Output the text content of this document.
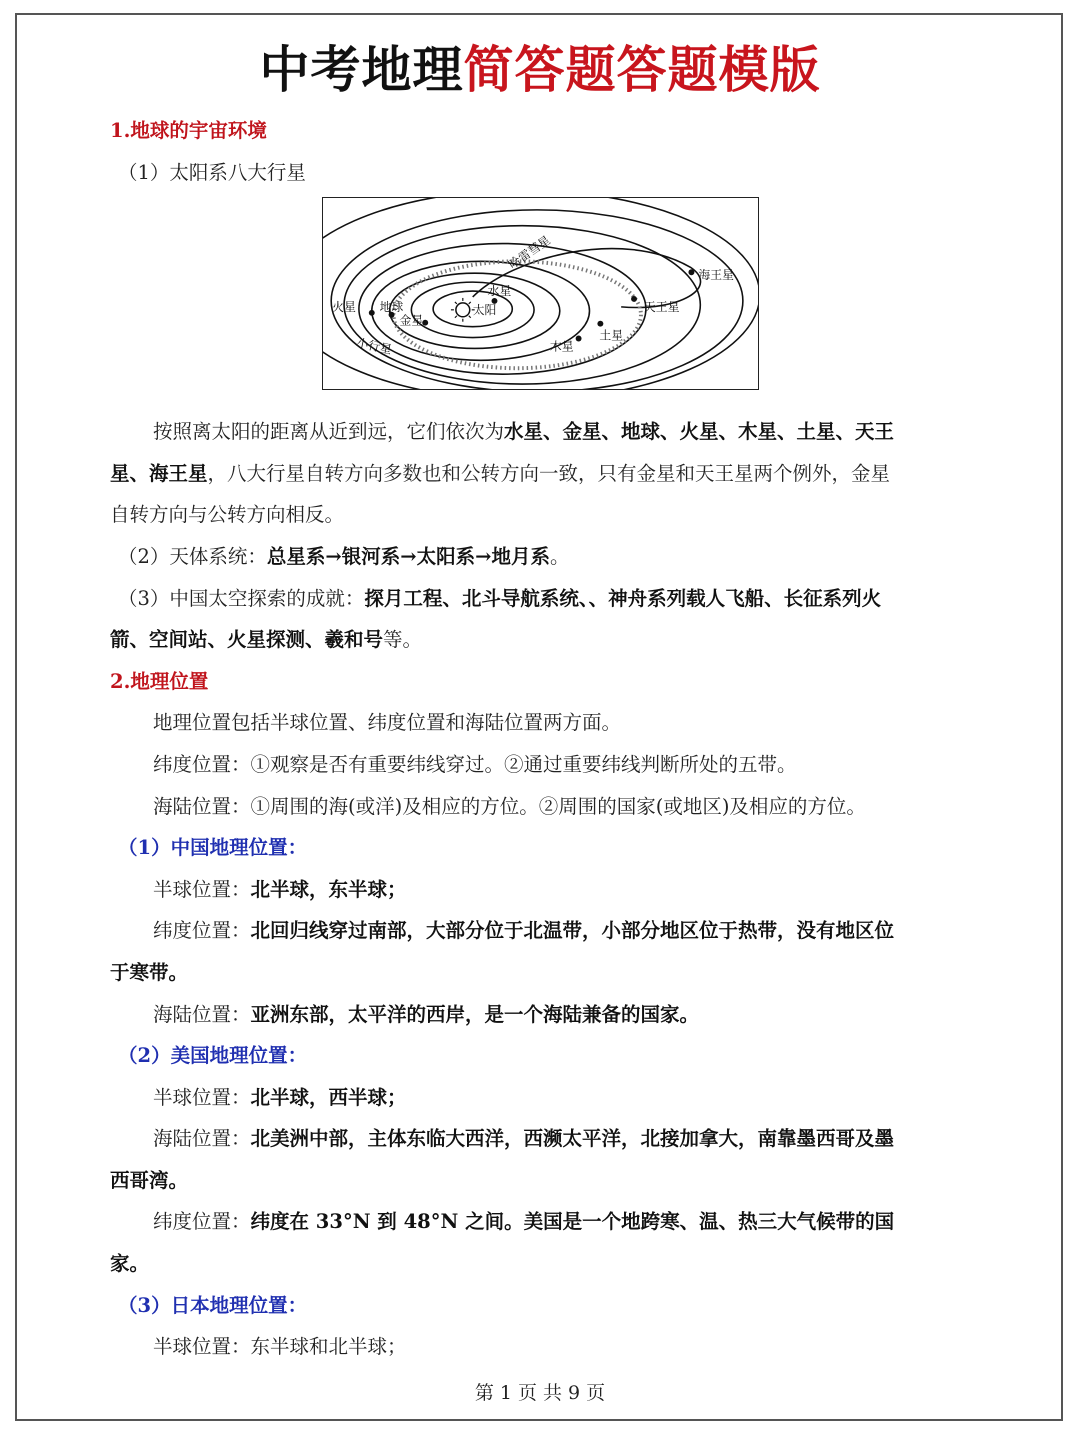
中考地理简答题答题模版
1.地球的宇宙环境
（1）太阳系八大行星
按照离太阳的距离从近到远，它们依次为水星、金星、地球、火星、木星、土星、天王
星、海王星，八大行星自转方向多数也和公转方向一致，只有金星和天王星两个例外，金星
自转方向与公转方向相反。
（2）天体系统：总星系→银河系→太阳系→地月系。
（3）中国太空探索的成就：探月工程、北斗导航系统、、神舟系列载人飞船、长征系列火
箭、空间站、火星探测、羲和号等。
2.地理位置
地理位置包括半球位置、纬度位置和海陆位置两方面。
纬度位置：①观察是否有重要纬线穿过。②通过重要纬线判断所处的五带。
海陆位置：①周围的海(或洋)及相应的方位。②周围的国家(或地区)及相应的方位。
（1）中国地理位置：
半球位置：北半球，东半球；
纬度位置：北回归线穿过南部，大部分位于北温带，小部分地区位于热带，没有地区位
于寒带。
海陆位置：亚洲东部，太平洋的西岸，是一个海陆兼备的国家。
（2）美国地理位置：
半球位置：北半球，西半球；
海陆位置：北美洲中部，主体东临大西洋，西濒太平洋，北接加拿大，南靠墨西哥及墨
西哥湾。
纬度位置：纬度在 33°N 到 48°N 之间。美国是一个地跨寒、温、热三大气候带的国
家。
（3）日本地理位置：
半球位置：东半球和北半球；
太阳
水星
金星
地球
火星
木星
土星
天王星
海王星
哈雷彗星
小行星
第 1 页 共 9 页
